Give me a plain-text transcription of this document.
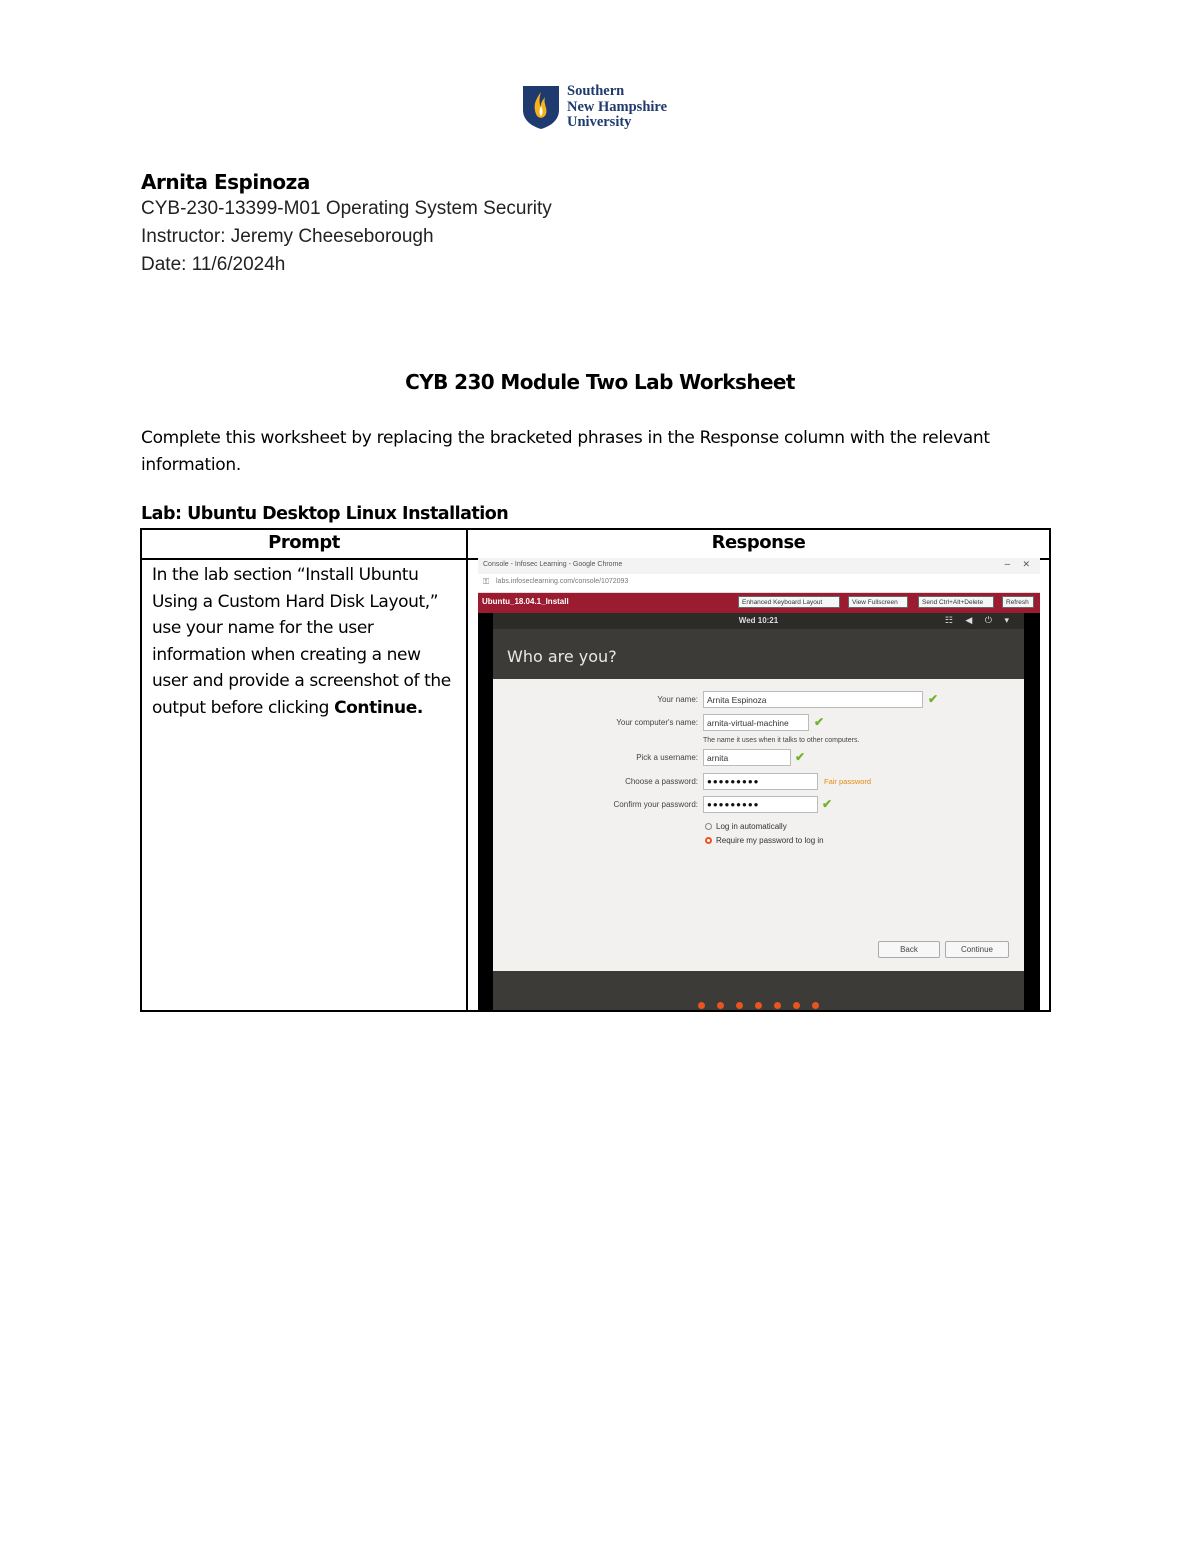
Southern
New Hampshire
University
Arnita Espinoza
CYB-230-13399-M01 Operating System Security
Instructor: Jeremy Cheeseborough
Date: 11/6/2024h
CYB 230 Module Two Lab Worksheet
Complete this worksheet by replacing the bracketed phrases in the Response column with the relevant information.
Lab: Ubuntu Desktop Linux Installation
Prompt	Response
In the lab section “Install Ubuntu Using a Custom Hard Disk Layout,” use your name for the user information when creating a new user and provide a screenshot of the output before clicking Continue.
Console - Infosec Learning - Google Chrome	– ✕
⚿ labs.infoseclearning.com/console/1072093
Ubuntu_18.04.1_Install	Enhanced Keyboard Layout	View Fullscreen	Send Ctrl+Alt+Delete	Refresh
Wed 10:21	☷ ◀ ⏻ ▾
Who are you?
Your name:	Arnita Espinoza	✔
Your computer's name:	arnita-virtual-machine	✔
The name it uses when it talks to other computers.
Pick a username:	arnita	✔
Choose a password:	●●●●●●●●●	Fair password
Confirm your password:	●●●●●●●●●	✔
Log in automatically
Require my password to log in
Back	Continue
